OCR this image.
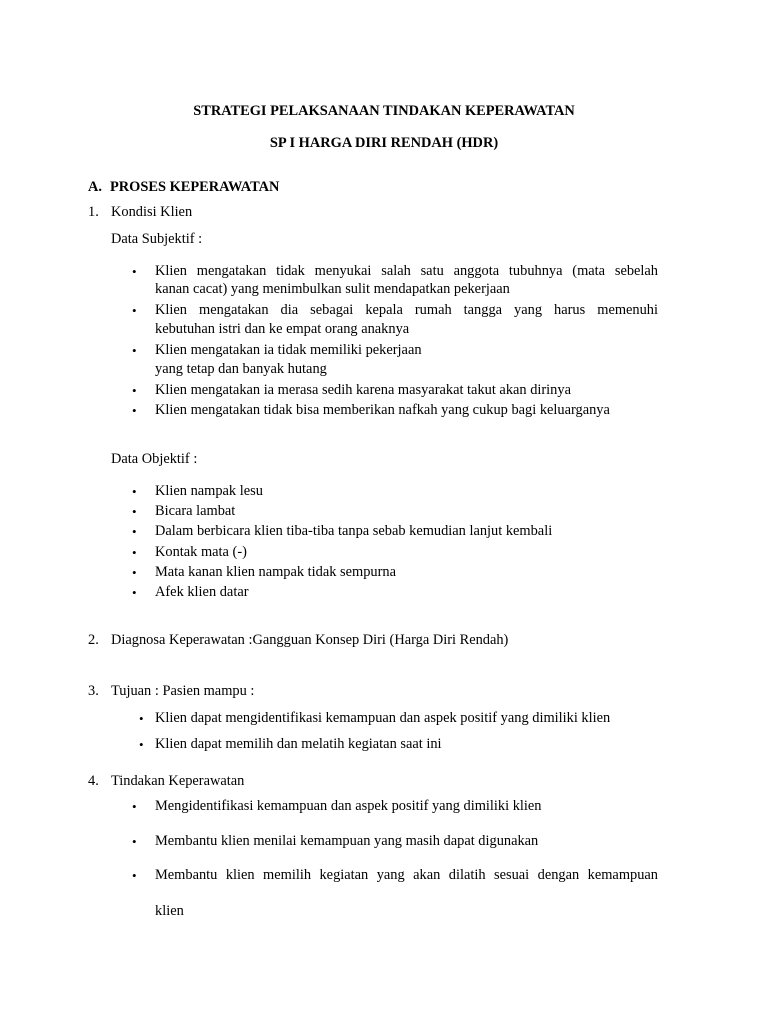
STRATEGI PELAKSANAAN TINDAKAN KEPERAWATAN
SP I HARGA DIRI RENDAH (HDR)
A. PROSES KEPERAWATAN
1. Kondisi Klien
Data Subjektif :
• Klien mengatakan tidak menyukai salah satu anggota tubuhnya (mata sebelah
kanan cacat) yang menimbulkan sulit mendapatkan pekerjaan
• Klien mengatakan dia sebagai kepala rumah tangga yang harus memenuhi
kebutuhan istri dan ke empat orang anaknya
• Klien mengatakan ia tidak memiliki pekerjaan
yang tetap dan banyak hutang
• Klien mengatakan ia merasa sedih karena masyarakat takut akan dirinya
• Klien mengatakan tidak bisa memberikan nafkah yang cukup bagi keluarganya
Data Objektif :
• Klien nampak lesu
• Bicara lambat
• Dalam berbicara klien tiba-tiba tanpa sebab kemudian lanjut kembali
• Kontak mata (-)
• Mata kanan klien nampak tidak sempurna
• Afek klien datar
2. Diagnosa Keperawatan :Gangguan Konsep Diri (Harga Diri Rendah)
3. Tujuan : Pasien mampu :
• Klien dapat mengidentifikasi kemampuan dan aspek positif yang dimiliki klien
• Klien dapat memilih dan melatih kegiatan saat ini
4. Tindakan Keperawatan
• Mengidentifikasi kemampuan dan aspek positif yang dimiliki klien
• Membantu klien menilai kemampuan yang masih dapat digunakan
• Membantu klien memilih kegiatan yang akan dilatih sesuai dengan kemampuan
klien
